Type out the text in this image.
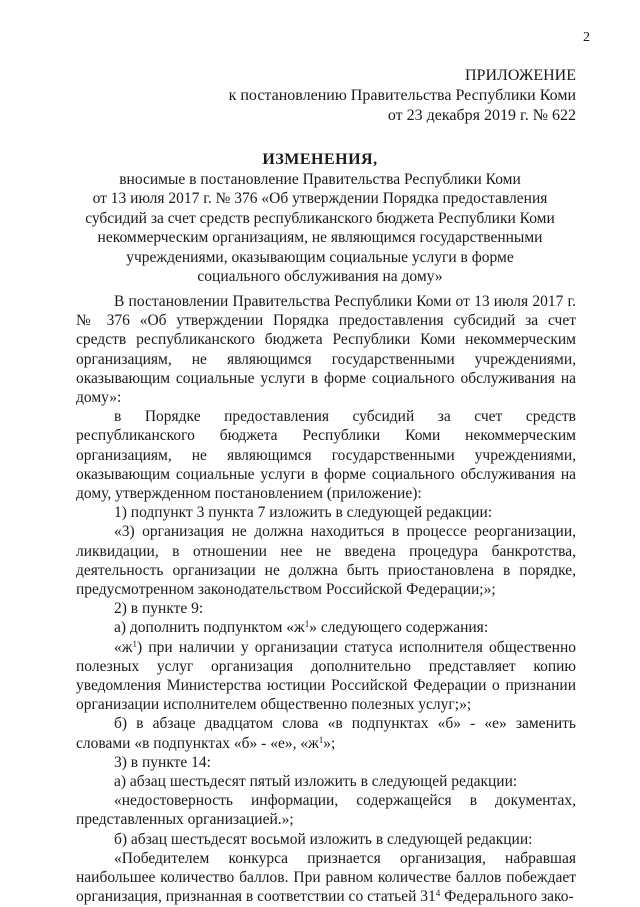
2
ПРИЛОЖЕНИЕ
к постановлению Правительства Республики Коми
от 23 декабря 2019 г. № 622
ИЗМЕНЕНИЯ,
вносимые в постановление Правительства Республики Коми
от 13 июля 2017 г. № 376 «Об утверждении Порядка предоставления
субсидий за счет средств республиканского бюджета Республики Коми
некоммерческим организациям, не являющимся государственными
учреждениями, оказывающим социальные услуги в форме
социального обслуживания на дому»

В постановлении Правительства Республики Коми от 13 июля 2017 г. № 376 «Об утверждении Порядка предоставления субсидий за счет средств республиканского бюджета Республики Коми некоммерческим организациям, не являющимся государственными учреждениями, оказывающим социальные услуги в форме социального обслуживания на дому»:

в Порядке предоставления субсидий за счет средств республиканского бюджета Республики Коми некоммерческим организациям, не являющимся государственными учреждениями, оказывающим социальные услуги в форме социального обслуживания на дому, утвержденном постановлением (приложение):

1) подпункт 3 пункта 7 изложить в следующей редакции:

«3) организация не должна находиться в процессе реорганизации, ликвидации, в отношении нее не введена процедура банкротства, деятельность организации не должна быть приостановлена в порядке, предусмотренном законодательством Российской Федерации;»;

2) в пункте 9:

а) дополнить подпунктом «$ж^1$» следующего содержания:

«$ж^1$) при наличии у организации статуса исполнителя общественно полезных услуг организация дополнительно представляет копию уведомления Министерства юстиции Российской Федерации о признании организации исполнителем общественно полезных услуг;»;

б) в абзаце двадцатом слова «в подпунктах «б» - «е» заменить словами «в подпунктах «б» - «е», «$ж^1$»;

3) в пункте 14:

а) абзац шестьдесят пятый изложить в следующей редакции:

«недостоверность информации, содержащейся в документах, представленных организацией.»;

б) абзац шестьдесят восьмой изложить в следующей редакции:

«Победителем конкурса признается организация, набравшая наибольшее количество баллов. При равном количестве баллов побеждает организация, признанная в соответствии со статьей $31^4$ Федерального зако-
